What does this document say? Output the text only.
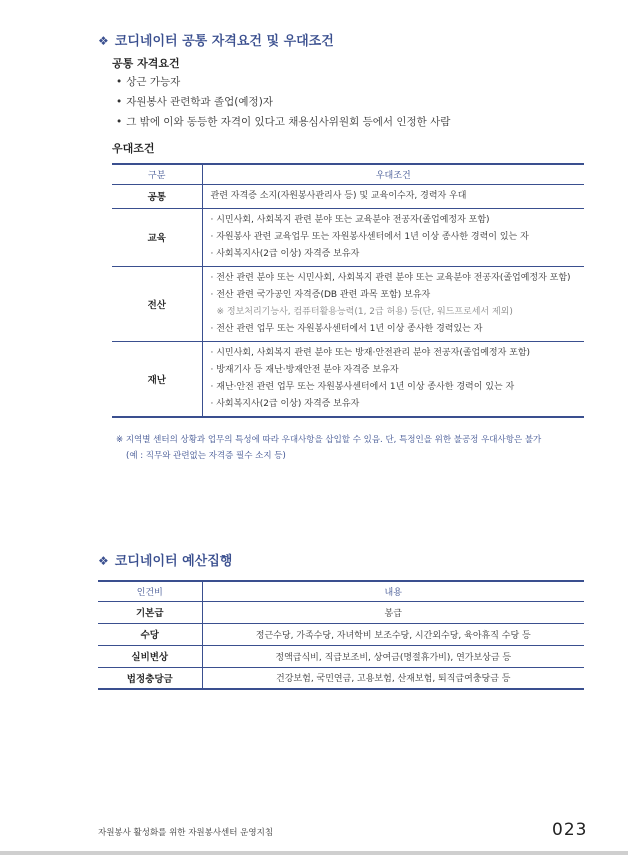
❖ 코디네이터 공통 자격요건 및 우대조건
공통 자격요건
• 상근 가능자
• 자원봉사 관련학과 졸업(예정)자
• 그 밖에 이와 동등한 자격이 있다고 채용심사위원회 등에서 인정한 사람
우대조건
구분	우대조건
공통	관련 자격증 소지(자원봉사관리사 등) 및 교육이수자, 경력자 우대

교육	· 시민사회, 사회복지 관련 분야 또는 교육분야 전공자(졸업예정자 포함)
· 자원봉사 관련 교육업무 또는 자원봉사센터에서 1년 이상 종사한 경력이 있는 자
· 사회복지사(2급 이상) 자격증 보유자

전산	· 전산 관련 분야 또는 시민사회, 사회복지 관련 분야 또는 교육분야 전공자(졸업예정자 포함)
· 전산 관련 국가공인 자격증(DB 관련 과목 포함) 보유자
※ 정보처리기능사, 컴퓨터활용능력(1, 2급 허용) 등(단, 워드프로세서 제외)
· 전산 관련 업무 또는 자원봉사센터에서 1년 이상 종사한 경력있는 자

재난	· 시민사회, 사회복지 관련 분야 또는 방재·안전관리 분야 전공자(졸업예정자 포함)
· 방재기사 등 재난·방재안전 분야 자격증 보유자
· 재난·안전 관련 업무 또는 자원봉사센터에서 1년 이상 종사한 경력이 있는 자
· 사회복지사(2급 이상) 자격증 보유자
※ 지역별 센터의 상황과 업무의 특성에 따라 우대사항을 삽입할 수 있음. 단, 특정인을 위한 불공정 우대사항은 불가
(예 : 직무와 관련없는 자격증 필수 소지 등)
❖ 코디네이터 예산집행
인건비	내용
기본급	봉급
수당	정근수당, 가족수당, 자녀학비 보조수당, 시간외수당, 육아휴직 수당 등
실비변상	정액급식비, 직급보조비, 상여금(명절휴가비), 연가보상금 등
법정충당금	건강보험, 국민연금, 고용보험, 산재보험, 퇴직급여충당금 등
자원봉사 활성화를 위한 자원봉사센터 운영지침	023
